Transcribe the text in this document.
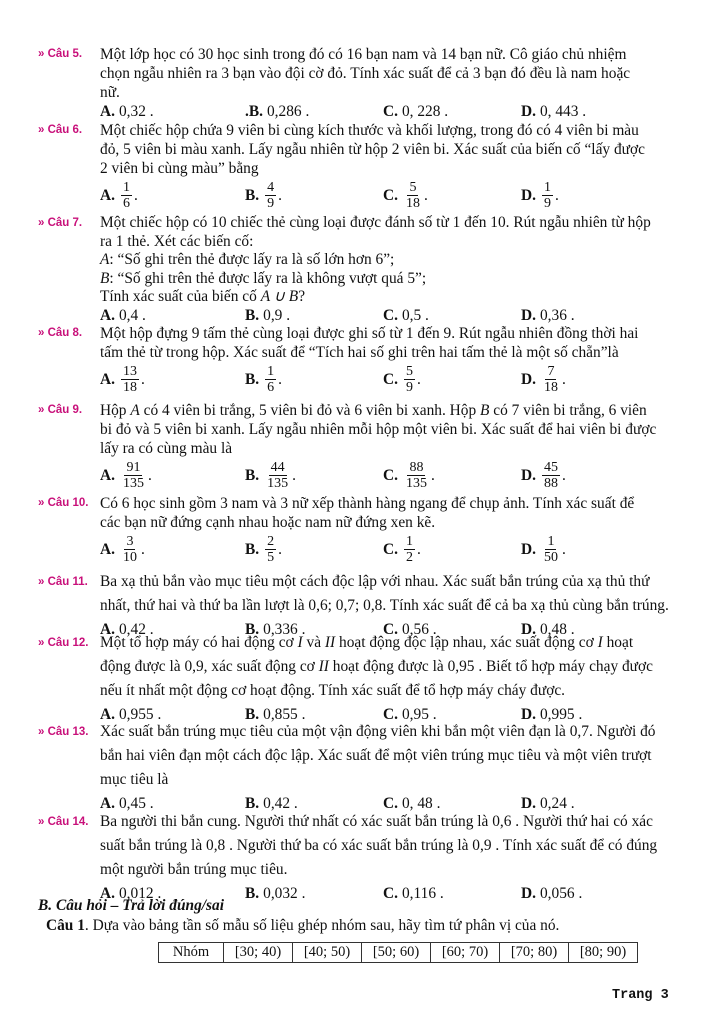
» Câu 5. Một lớp học có 30 học sinh trong đó có 16 bạn nam và 14 bạn nữ. Cô giáo chủ nhiệm
chọn ngẫu nhiên ra 3 bạn vào đội cờ đỏ. Tính xác suất để cả 3 bạn đó đều là nam hoặc
nữ.
A. 0,32 .	.B. 0,286 .	C. 0, 228 .	D. 0, 443 .
» Câu 6. Một chiếc hộp chứa 9 viên bi cùng kích thước và khối lượng, trong đó có 4 viên bi màu
đỏ, 5 viên bi màu xanh. Lấy ngẫu nhiên từ hộp 2 viên bi. Xác suất của biến cố “lấy được
2 viên bi cùng màu” bằng
A. $\frac{1}{6}$ .	B. $\frac{4}{9}$ .	C. $\frac{5}{18}$ .	D. $\frac{1}{9}$ .
» Câu 7. Một chiếc hộp có 10 chiếc thẻ cùng loại được đánh số từ 1 đến 10. Rút ngẫu nhiên từ hộp
ra 1 thẻ. Xét các biến cố:
A: “Số ghi trên thẻ được lấy ra là số lớn hơn 6”;
B: “Số ghi trên thẻ được lấy ra là không vượt quá 5”;
Tính xác suất của biến cố A ∪ B?
A. 0,4 .	B. 0,9 .	C. 0,5 .	D. 0,36 .
» Câu 8. Một hộp đựng 9 tấm thẻ cùng loại được ghi số từ 1 đến 9. Rút ngẫu nhiên đồng thời hai
tấm thẻ từ trong hộp. Xác suất để “Tích hai số ghi trên hai tấm thẻ là một số chẵn”là
A. $\frac{13}{18}$ .	B. $\frac{1}{6}$ .	C. $\frac{5}{9}$ .	D. $\frac{7}{18}$ .
» Câu 9. Hộp A có 4 viên bi trắng, 5 viên bi đỏ và 6 viên bi xanh. Hộp B có 7 viên bi trắng, 6 viên
bi đỏ và 5 viên bi xanh. Lấy ngẫu nhiên mỗi hộp một viên bi. Xác suất để hai viên bi được
lấy ra có cùng màu là
A. $\frac{91}{135}$ .	B. $\frac{44}{135}$ .	C. $\frac{88}{135}$ .	D. $\frac{45}{88}$ .
» Câu 10. Có 6 học sinh gồm 3 nam và 3 nữ xếp thành hàng ngang để chụp ảnh. Tính xác suất để
các bạn nữ đứng cạnh nhau hoặc nam nữ đứng xen kẽ.
A. $\frac{3}{10}$ .	B. $\frac{2}{5}$ .	C. $\frac{1}{2}$ .	D. $\frac{1}{50}$ .
» Câu 11. Ba xạ thủ bắn vào mục tiêu một cách độc lập với nhau. Xác suất bắn trúng của xạ thủ thứ
nhất, thứ hai và thứ ba lần lượt là 0,6; 0,7; 0,8. Tính xác suất để cả ba xạ thủ cùng bắn trúng.
A. 0,42 .	B. 0,336 .	C. 0,56 .	D. 0,48 .
» Câu 12. Một tổ hợp máy có hai động cơ I và II hoạt động độc lập nhau, xác suất động cơ I hoạt
động được là 0,9, xác suất động cơ II hoạt động được là 0,95 . Biết tổ hợp máy chạy được
nếu ít nhất một động cơ hoạt động. Tính xác suất để tổ hợp máy cháy được.
A. 0,955 .	B. 0,855 .	C. 0,95 .	D. 0,995 .
» Câu 13. Xác suất bắn trúng mục tiêu của một vận động viên khi bắn một viên đạn là 0,7. Người đó
bắn hai viên đạn một cách độc lập. Xác suất để một viên trúng mục tiêu và một viên trượt
mục tiêu là
A. 0,45 .	B. 0,42 .	C. 0, 48 .	D. 0,24 .
» Câu 14. Ba người thi bắn cung. Người thứ nhất có xác suất bắn trúng là 0,6 . Người thứ hai có xác
suất bắn trúng là 0,8 . Người thứ ba có xác suất bắn trúng là 0,9 . Tính xác suất để có đúng
một người bắn trúng mục tiêu.
A. 0,012 .	B. 0,032 .	C. 0,116 .	D. 0,056 .
B. Câu hỏi – Trả lời đúng/sai
Câu 1. Dựa vào bảng tần số mẫu số liệu ghép nhóm sau, hãy tìm tứ phân vị của nó.
Nhóm	[30; 40)	[40; 50)	[50; 60)	[60; 70)	[70; 80)	[80; 90)
Trang 3
